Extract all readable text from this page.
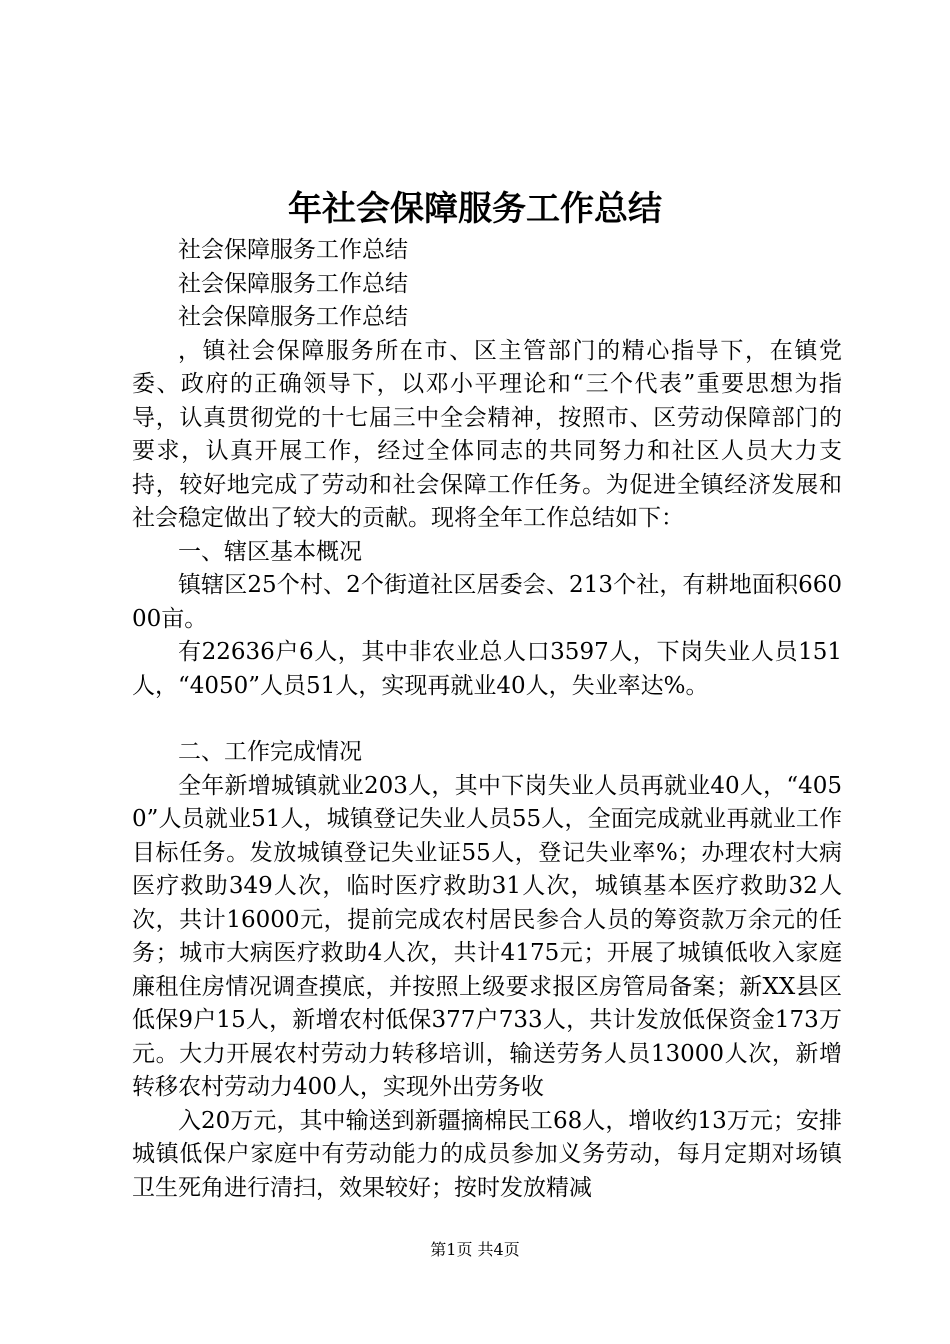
年社会保障服务工作总结

社会保障服务工作总结

社会保障服务工作总结

社会保障服务工作总结

，镇社会保障服务所在市、区主管部门的精心指导下，在镇党委、政府的正确领导下，以邓小平理论和“三个代表”重要思想为指导，认真贯彻党的十七届三中全会精神，按照市、区劳动保障部门的要求，认真开展工作，经过全体同志的共同努力和社区人员大力支持，较好地完成了劳动和社会保障工作任务。为促进全镇经济发展和社会稳定做出了较大的贡献。现将全年工作总结如下：

一、辖区基本概况

镇辖区25个村、2个街道社区居委会、213个社，有耕地面积66000亩。

有22636户6人，其中非农业总人口3597人，下岗失业人员151人，“4050”人员51人，实现再就业40人，失业率达%。

二、工作完成情况

全年新增城镇就业203人，其中下岗失业人员再就业40人，“4050”人员就业51人，城镇登记失业人员55人，全面完成就业再就业工作目标任务。发放城镇登记失业证55人，登记失业率%；办理农村大病医疗救助349人次，临时医疗救助31人次，城镇基本医疗救助32人次，共计16000元，提前完成农村居民参合人员的筹资款万余元的任务；城市大病医疗救助4人次，共计4175元；开展了城镇低收入家庭廉租住房情况调查摸底，并按照上级要求报区房管局备案；新XX县区低保9户15人，新增农村低保377户733人，共计发放低保资金173万元。大力开展农村劳动力转移培训，输送劳务人员13000人次，新增转移农村劳动力400人，实现外出劳务收

入20万元，其中输送到新疆摘棉民工68人，增收约13万元；安排城镇低保户家庭中有劳动能力的成员参加义务劳动，每月定期对场镇卫生死角进行清扫，效果较好；按时发放精减

第1页 共4页
